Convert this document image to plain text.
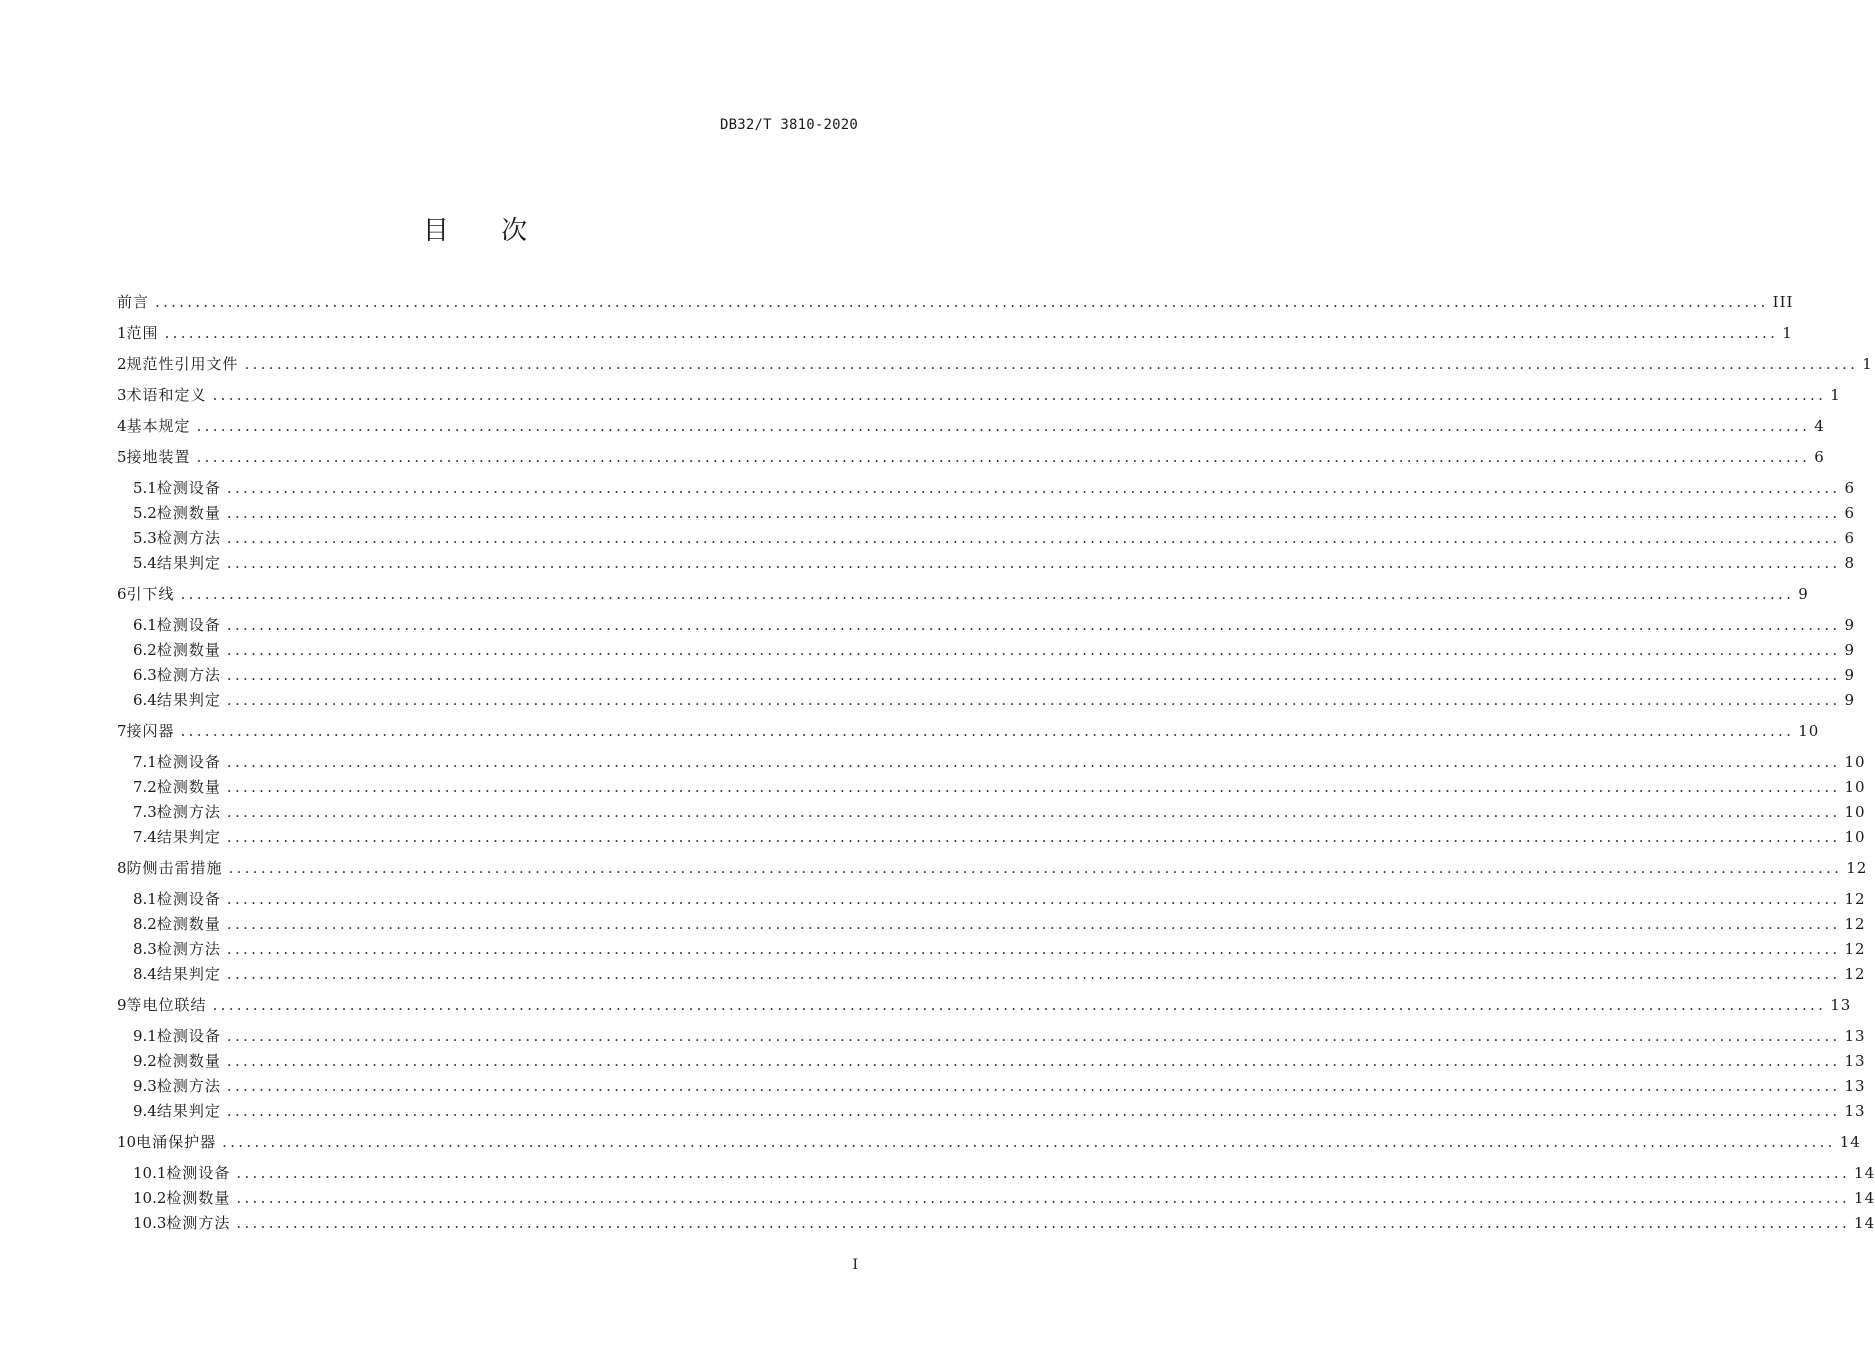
DB32/T 3810-2020
目 次
前言 ........................................................................................................................................................................................................ III
1 范围 ........................................................................................................................................................................................................ 1
2 规范性引用文件 ........................................................................................................................................................................................................ 1
3 术语和定义 ........................................................................................................................................................................................................ 1
4 基本规定 ........................................................................................................................................................................................................ 4
5 接地装置 ........................................................................................................................................................................................................ 6
5.1 检测设备 ........................................................................................................................................................................................................ 6
5.2 检测数量 ........................................................................................................................................................................................................ 6
5.3 检测方法 ........................................................................................................................................................................................................ 6
5.4 结果判定 ........................................................................................................................................................................................................ 8
6 引下线 ........................................................................................................................................................................................................ 9
6.1 检测设备 ........................................................................................................................................................................................................ 9
6.2 检测数量 ........................................................................................................................................................................................................ 9
6.3 检测方法 ........................................................................................................................................................................................................ 9
6.4 结果判定 ........................................................................................................................................................................................................ 9
7 接闪器 ........................................................................................................................................................................................................ 10
7.1 检测设备 ........................................................................................................................................................................................................ 10
7.2 检测数量 ........................................................................................................................................................................................................ 10
7.3 检测方法 ........................................................................................................................................................................................................ 10
7.4 结果判定 ........................................................................................................................................................................................................ 10
8 防侧击雷措施 ........................................................................................................................................................................................................ 12
8.1 检测设备 ........................................................................................................................................................................................................ 12
8.2 检测数量 ........................................................................................................................................................................................................ 12
8.3 检测方法 ........................................................................................................................................................................................................ 12
8.4 结果判定 ........................................................................................................................................................................................................ 12
9 等电位联结 ........................................................................................................................................................................................................ 13
9.1 检测设备 ........................................................................................................................................................................................................ 13
9.2 检测数量 ........................................................................................................................................................................................................ 13
9.3 检测方法 ........................................................................................................................................................................................................ 13
9.4 结果判定 ........................................................................................................................................................................................................ 13
10 电涌保护器 ........................................................................................................................................................................................................ 14
10.1 检测设备 ........................................................................................................................................................................................................ 14
10.2 检测数量 ........................................................................................................................................................................................................ 14
10.3 检测方法 ........................................................................................................................................................................................................ 14
I
